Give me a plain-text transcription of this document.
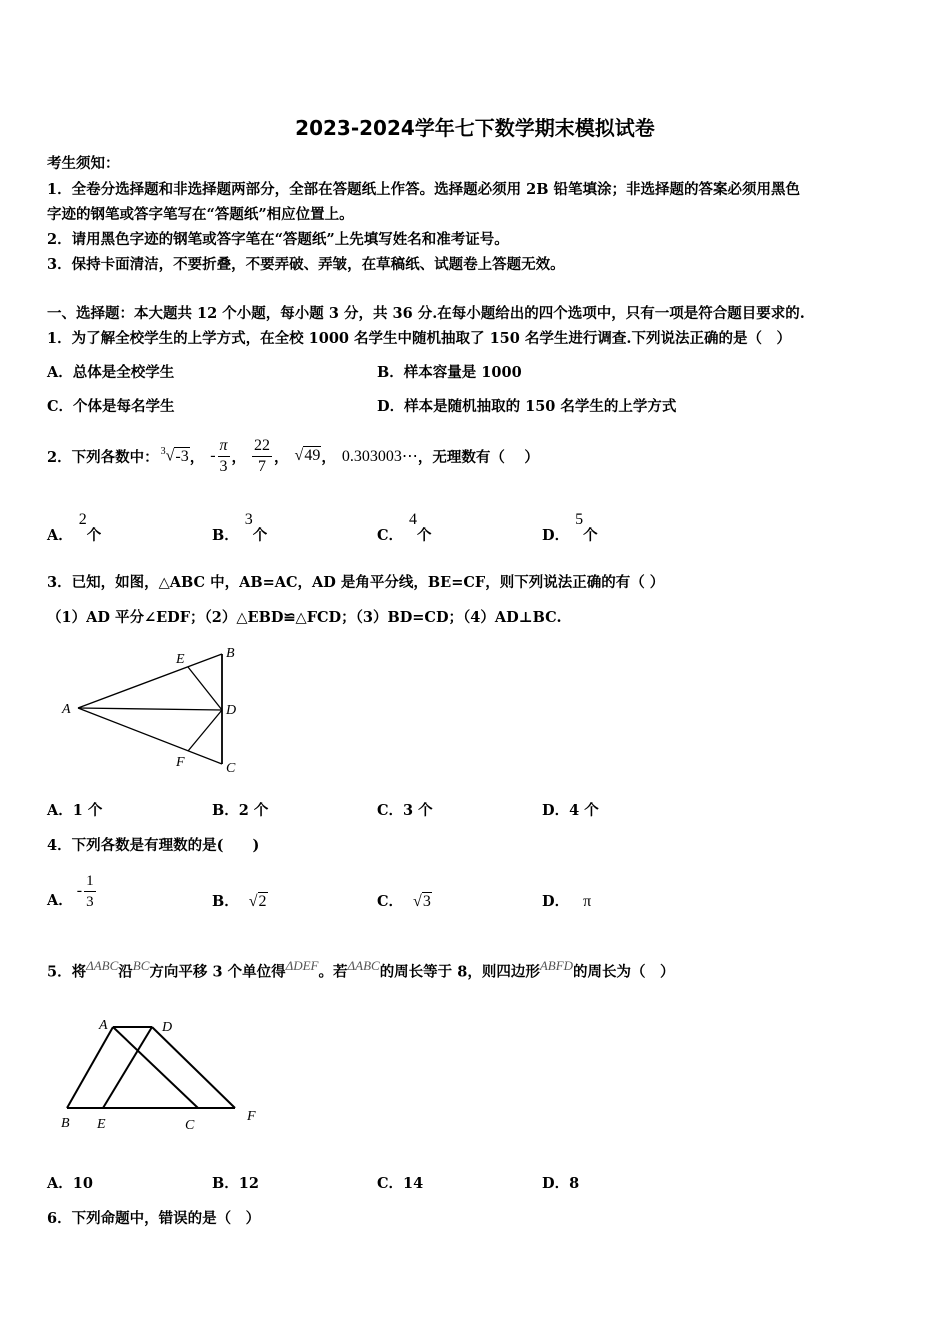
2023-2024学年七下数学期末模拟试卷
考生须知：
1．全卷分选择题和非选择题两部分，全部在答题纸上作答。选择题必须用 2B 铅笔填涂；非选择题的答案必须用黑色
字迹的钢笔或答字笔写在“答题纸”相应位置上。
2．请用黑色字迹的钢笔或答字笔在“答题纸”上先填写姓名和准考证号。
3．保持卡面清洁，不要折叠，不要弄破、弄皱，在草稿纸、试题卷上答题无效。
一、选择题：本大题共 12 个小题，每小题 3 分，共 36 分.在每小题给出的四个选项中，只有一项是符合题目要求的.
1．为了解全校学生的上学方式，在全校 1000 名学生中随机抽取了 150 名学生进行调查.下列说法正确的是（　）
A．总体是全校学生	B．样本容量是 1000
C．个体是每名学生	D．样本是随机抽取的 150 名学生的上学方式
2．下列各数中： $^3$√-3 ， - $\frac{\pi}{3}$ ， $\frac{22}{7}$ ， √49 ， 0.303003⋯ ，无理数有（　 ）
A．2个	B．3个	C．4个	D．5个
3．已知，如图，△ABC 中，AB=AC，AD 是角平分线，BE=CF，则下列说法正确的有（ ）
（1）AD 平分∠EDF；（2）△EBD≌△FCD；（3）BD=CD；（4）AD⊥BC.
A
B
C
D
E
F
A．1 个	B．2 个	C．3 个	D．4 个
4．下列各数是有理数的是(　　)
A．
- $\frac{1}{3}$	B． √2	C． √3	D． π
5．将$^{\Delta ABC}$沿$^{BC}$方向平移 3 个单位得$^{\Delta DEF}$。若$^{\Delta ABC}$的周长等于 8，则四边形$^{ABFD}$的周长为（　）
A	D
B E	C
F
A．10	B．12	C．14	D．8
6．下列命题中，错误的是（　）
